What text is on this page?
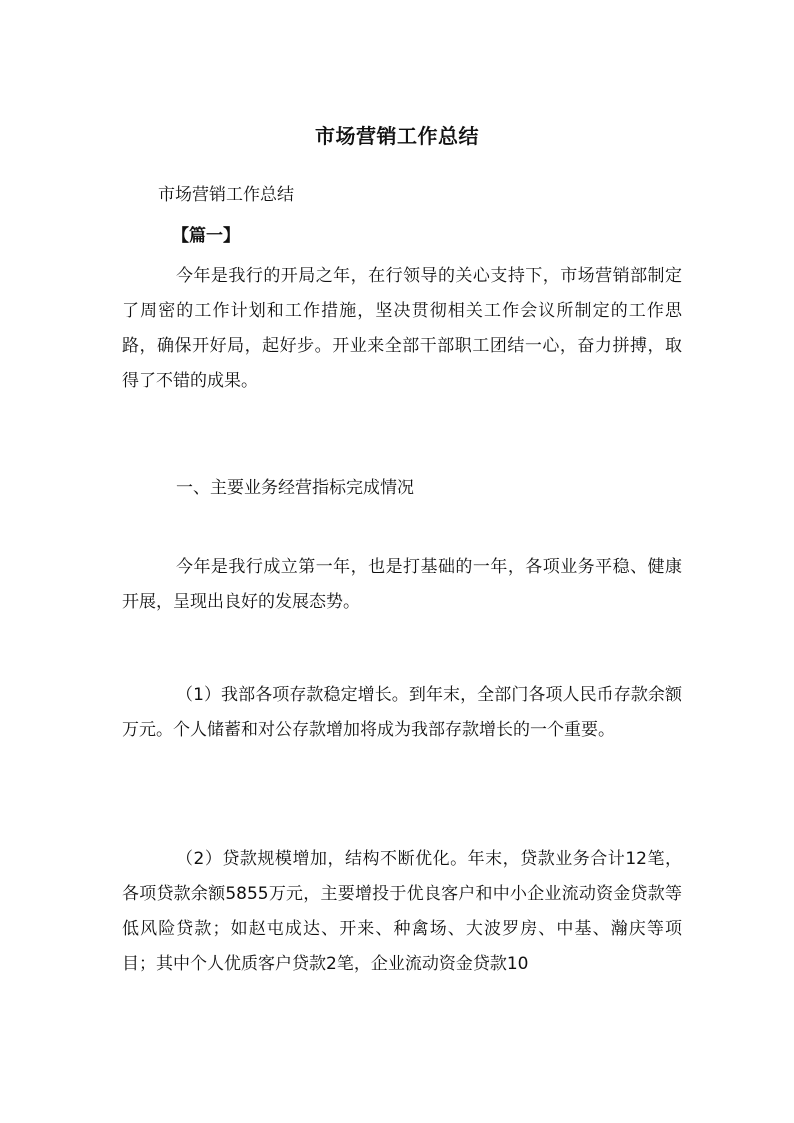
市场营销工作总结
市场营销工作总结
【篇一】

今年是我行的开局之年，在行领导的关心支持下，市场营销部制定了周密的工作计划和工作措施，坚决贯彻相关工作会议所制定的工作思路，确保开好局，起好步。开业来全部干部职工团结一心，奋力拼搏，取得了不错的成果。

一、主要业务经营指标完成情况

今年是我行成立第一年，也是打基础的一年，各项业务平稳、健康开展，呈现出良好的发展态势。

（1）我部各项存款稳定增长。到年末，全部门各项人民币存款余额万元。个人储蓄和对公存款增加将成为我部存款增长的一个重要。

（2）贷款规模增加，结构不断优化。年末，贷款业务合计12笔，各项贷款余额5855万元，主要增投于优良客户和中小企业流动资金贷款等低风险贷款；如赵屯成达、开来、种禽场、大波罗房、中基、瀚庆等项目；其中个人优质客户贷款2笔，企业流动资金贷款10
